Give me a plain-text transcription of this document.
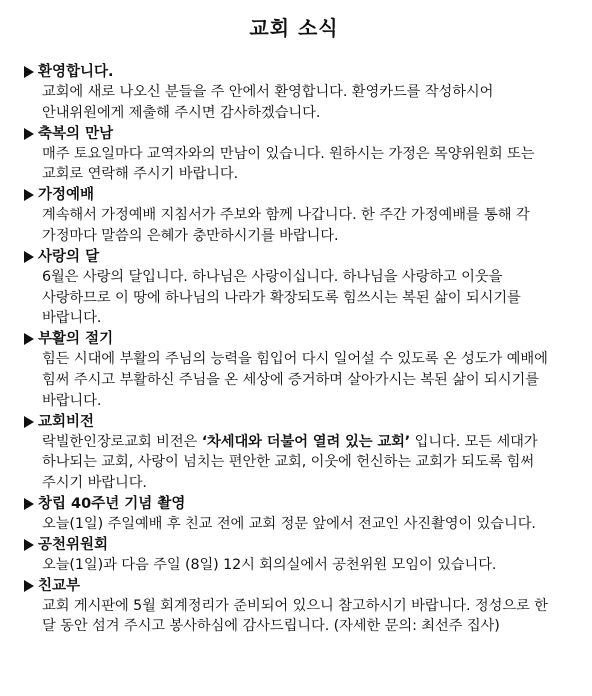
교회 소식
환영합니다.
교회에 새로 나오신 분들을 주 안에서 환영합니다. 환영카드를 작성하시어 안내위원에게 제출해 주시면 감사하겠습니다.
축복의 만남
매주 토요일마다 교역자와의 만남이 있습니다. 원하시는 가정은 목양위원회 또는 교회로 연락해 주시기 바랍니다.
가정예배
계속해서 가정예배 지침서가 주보와 함께 나갑니다. 한 주간 가정예배를 통해 각 가정마다 말씀의 은혜가 충만하시기를 바랍니다.
사랑의 달
6월은 사랑의 달입니다. 하나님은 사랑이십니다. 하나님을 사랑하고 이웃을 사랑하므로 이 땅에 하나님의 나라가 확장되도록 힘쓰시는 복된 삶이 되시기를 바랍니다.
부활의 절기
힘든 시대에 부활의 주님의 능력을 힘입어 다시 일어설 수 있도록 온 성도가 예배에 힘써 주시고 부활하신 주님을 온 세상에 증거하며 살아가시는 복된 삶이 되시기를 바랍니다.
교회비전
락빌한인장로교회 비전은 ‘차세대와 더불어 열려 있는 교회’ 입니다. 모든 세대가 하나되는 교회, 사랑이 넘치는 편안한 교회, 이웃에 헌신하는 교회가 되도록 힘써 주시기 바랍니다.
창립 40주년 기념 촬영
오늘(1일) 주일예배 후 친교 전에 교회 정문 앞에서 전교인 사진촬영이 있습니다.
공천위원회
오늘(1일)과 다음 주일 (8일) 12시 회의실에서 공천위원 모임이 있습니다.
친교부
교회 게시판에 5월 회계정리가 준비되어 있으니 참고하시기 바랍니다. 정성으로 한 달 동안 섬겨 주시고 봉사하심에 감사드립니다. (자세한 문의: 최선주 집사)
